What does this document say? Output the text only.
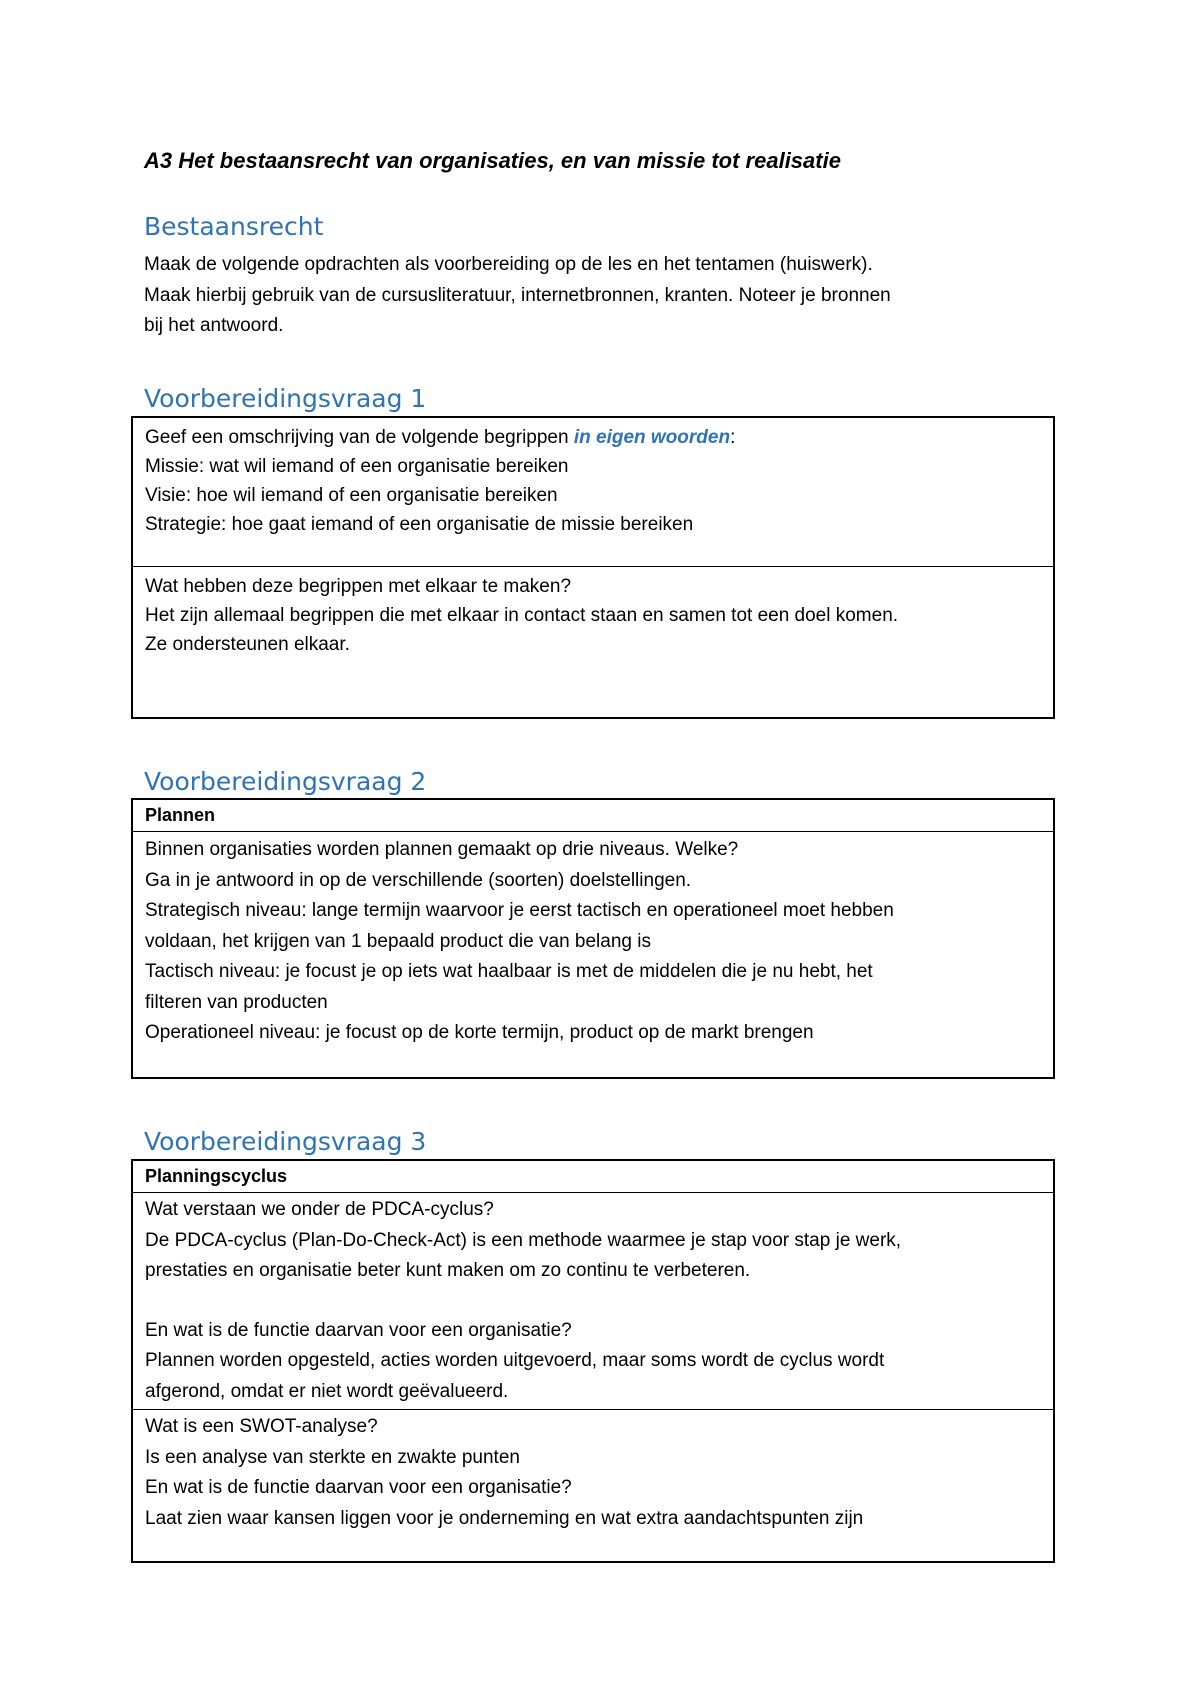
A3 Het bestaansrecht van organisaties, en van missie tot realisatie
Bestaansrecht
Maak de volgende opdrachten als voorbereiding op de les en het tentamen (huiswerk).
Maak hierbij gebruik van de cursusliteratuur, internetbronnen, kranten. Noteer je bronnen
bij het antwoord.
Voorbereidingsvraag 1

Geef een omschrijving van de volgende begrippen in eigen woorden:

Missie: wat wil iemand of een organisatie bereiken

Visie: hoe wil iemand of een organisatie bereiken

Strategie: hoe gaat iemand of een organisatie de missie bereiken

Wat hebben deze begrippen met elkaar te maken?

Het zijn allemaal begrippen die met elkaar in contact staan en samen tot een doel komen.

Ze ondersteunen elkaar.

Voorbereidingsvraag 2
Plannen

Binnen organisaties worden plannen gemaakt op drie niveaus. Welke?

Ga in je antwoord in op de verschillende (soorten) doelstellingen.

Strategisch niveau: lange termijn waarvoor je eerst tactisch en operationeel moet hebben

voldaan, het krijgen van 1 bepaald product die van belang is

Tactisch niveau: je focust je op iets wat haalbaar is met de middelen die je nu hebt, het

filteren van producten

Operationeel niveau: je focust op de korte termijn, product op de markt brengen

Voorbereidingsvraag 3
Planningscyclus

Wat verstaan we onder de PDCA-cyclus?

De PDCA-cyclus (Plan-Do-Check-Act) is een methode waarmee je stap voor stap je werk,

prestaties en organisatie beter kunt maken om zo continu te verbeteren.

En wat is de functie daarvan voor een organisatie?

Plannen worden opgesteld, acties worden uitgevoerd, maar soms wordt de cyclus wordt

afgerond, omdat er niet wordt geëvalueerd.

Wat is een SWOT-analyse?

Is een analyse van sterkte en zwakte punten

En wat is de functie daarvan voor een organisatie?

Laat zien waar kansen liggen voor je onderneming en wat extra aandachtspunten zijn
